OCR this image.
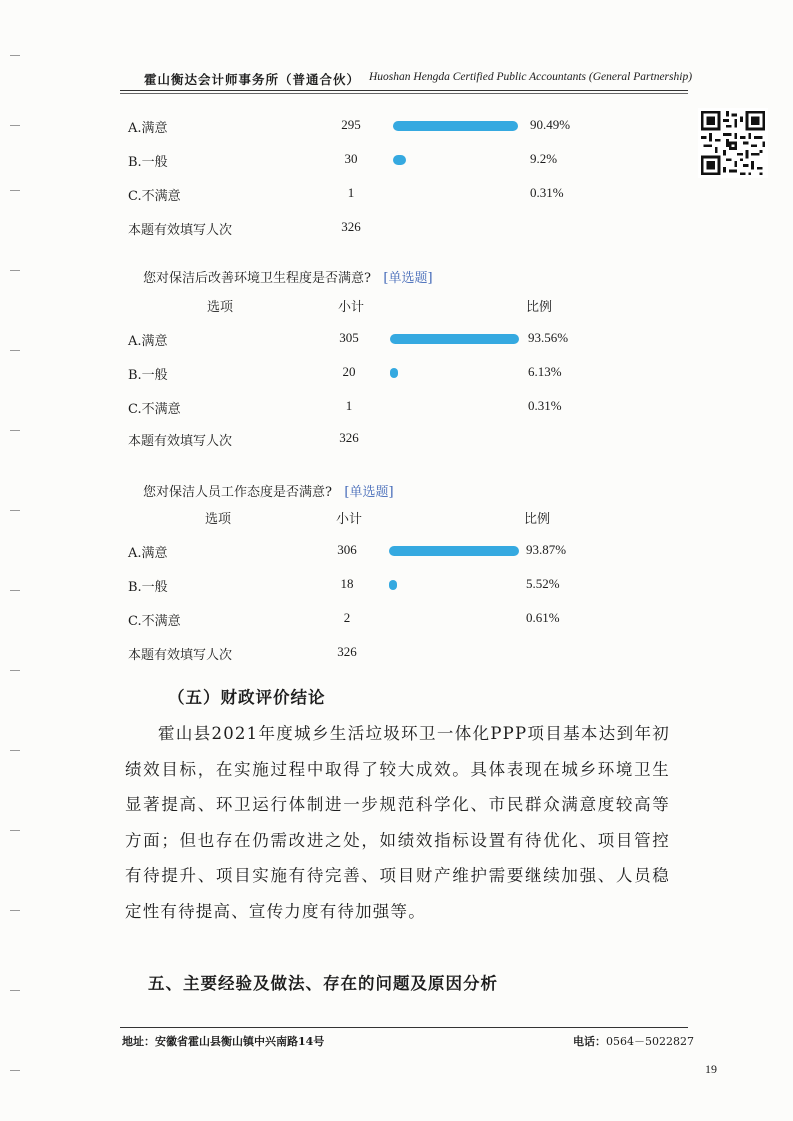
霍山衡达会计师事务所（普通合伙） Huoshan Hengda Certified Public Accountants (General Partnership)
A.满意	295	90.49%
B.一般	30	9.2%
C.不满意	1	0.31%
本题有效填写人次	326
您对保洁后改善环境卫生程度是否满意? [单选题]
选项	小计	比例
A.满意	305	93.56%
B.一般	20	6.13%
C.不满意	1	0.31%
本题有效填写人次	326
您对保洁人员工作态度是否满意? [单选题]
选项	小计	比例
A.满意	306	93.87%
B.一般	18	5.52%
C.不满意	2	0.61%
本题有效填写人次	326
（五）财政评价结论
霍山县2021年度城乡生活垃圾环卫一体化PPP项目基本达到年初绩效目标，在实施过程中取得了较大成效。具体表现在城乡环境卫生显著提高、环卫运行体制进一步规范科学化、市民群众满意度较高等方面；但也存在仍需改进之处，如绩效指标设置有待优化、项目管控有待提升、项目实施有待完善、项目财产维护需要继续加强、人员稳定性有待提高、宣传力度有待加强等。
五、主要经验及做法、存在的问题及原因分析
地址：安徽省霍山县衡山镇中兴南路14号	电话：0564－5022827
19
